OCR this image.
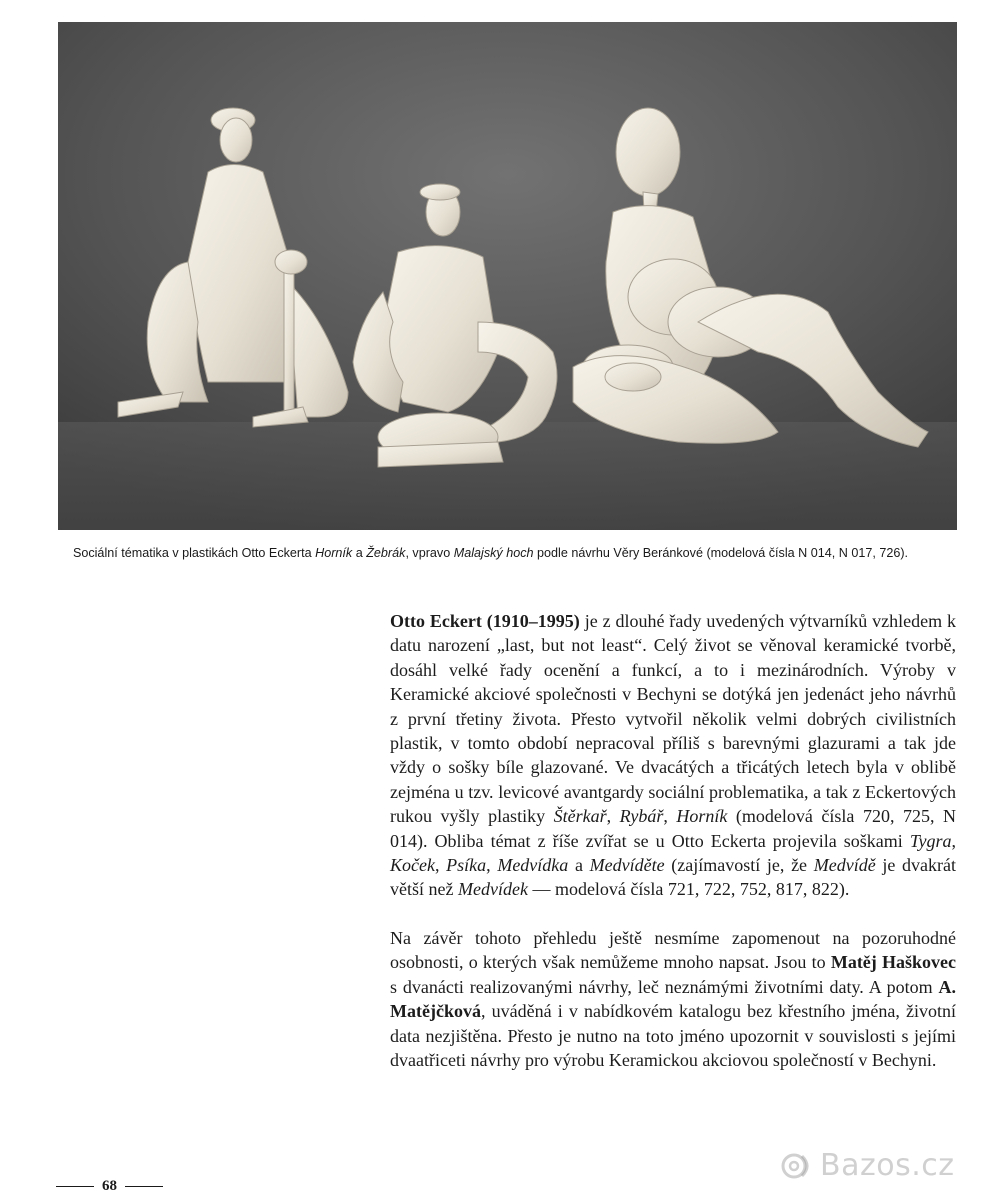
Sociální tématika v plastikách Otto Eckerta Horník a Žebrák, vpravo Malajský hoch podle návrhu Věry Beránkové (modelová čísla N 014, N 017, 726).

Otto Eckert (1910–1995) je z dlouhé řady uvedených výtvarníků vzhledem k datu narození „last, but not least“. Celý život se věnoval keramické tvorbě, dosáhl velké řady ocenění a funkcí, a to i mezinárodních. Výroby v Keramické akciové společnosti v Bechyni se dotýká jen jedenáct jeho návrhů z první třetiny života. Přesto vytvořil několik velmi dobrých civilistních plastik, v tomto období nepracoval příliš s barevnými glazurami a tak jde vždy o sošky bíle glazované. Ve dvacátých a třicátých letech byla v oblibě zejména u tzv. levicové avantgardy sociální problematika, a tak z Eckertových rukou vyšly plastiky Štěrkař, Rybář, Horník (modelová čísla 720, 725, N 014). Obliba témat z říše zvířat se u Otto Eckerta projevila soškami Tygra, Koček, Psíka, Medvídka a Medvíděte (zajímavostí je, že Medvídě je dvakrát větší než Medvídek — modelová čísla 721, 722, 752, 817, 822).

Na závěr tohoto přehledu ještě nesmíme zapomenout na pozoruhodné osobnosti, o kterých však nemůžeme mnoho napsat. Jsou to Matěj Haškovec s dvanácti realizovanými návrhy, leč neznámými životními daty. A potom A. Matějčková, uváděná i v nabídkovém katalogu bez křestního jména, životní data nezjištěna. Přesto je nutno na toto jméno upozornit v souvislosti s jejími dvaatřiceti návrhy pro výrobu Keramickou akciovou společností v Bechyni.

68
Bazos.cz
